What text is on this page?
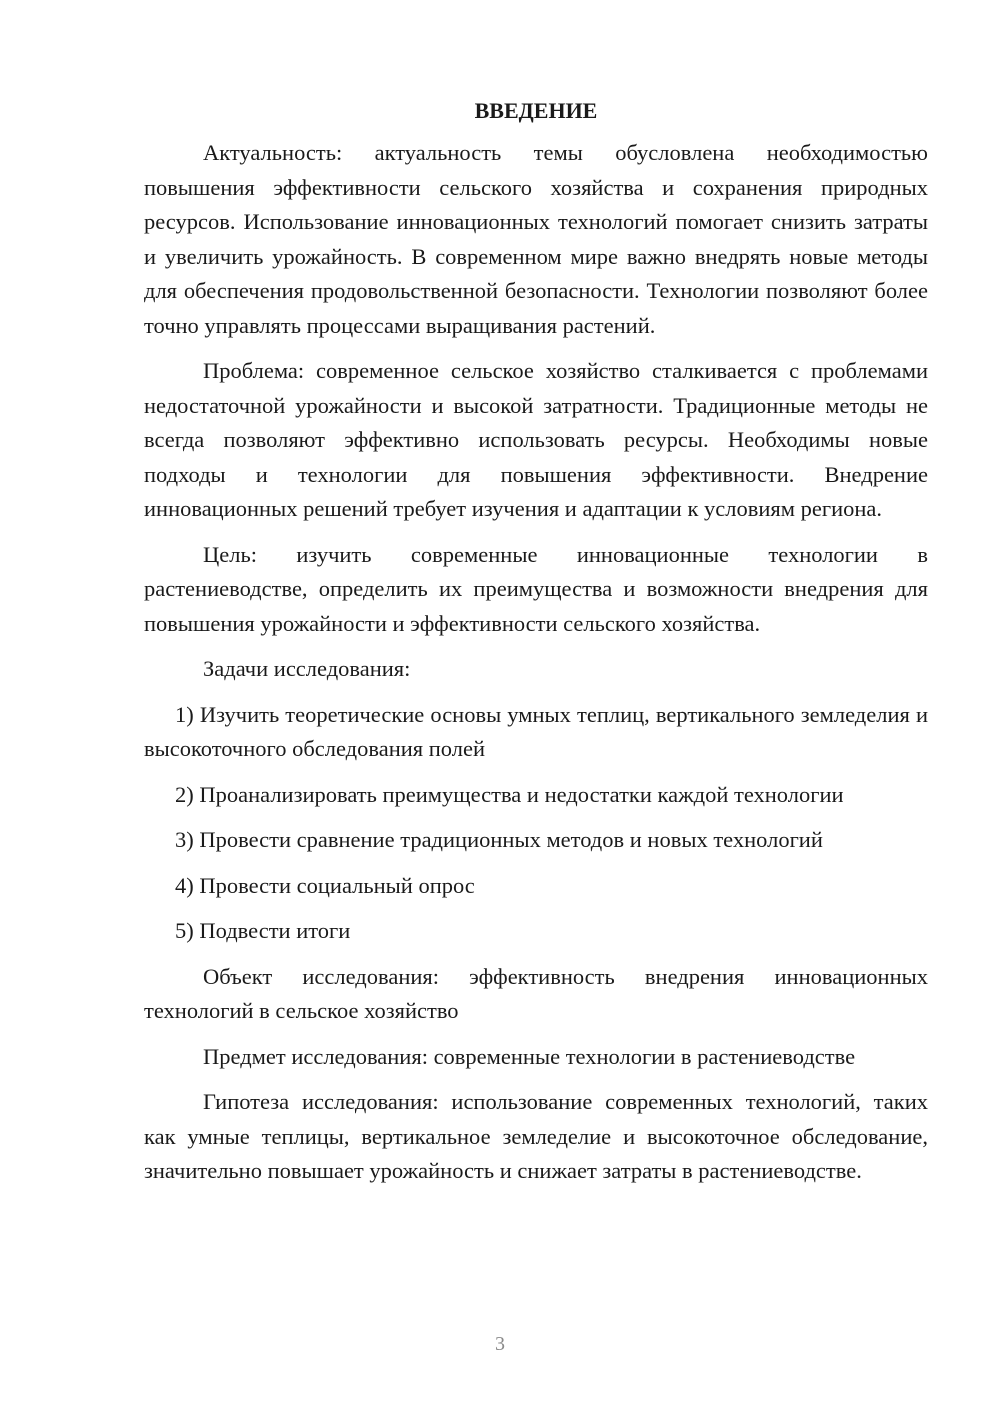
ВВЕДЕНИЕ

Актуальность: актуальность темы обусловлена необходимостью повышения эффективности сельского хозяйства и сохранения природных ресурсов. Использование инновационных технологий помогает снизить затраты и увеличить урожайность. В современном мире важно внедрять новые методы для обеспечения продовольственной безопасности. Технологии позволяют более точно управлять процессами выращивания растений.

Проблема: современное сельское хозяйство сталкивается с проблемами недостаточной урожайности и высокой затратности. Традиционные методы не всегда позволяют эффективно использовать ресурсы. Необходимы новые подходы и технологии для повышения эффективности. Внедрение инновационных решений требует изучения и адаптации к условиям региона.

Цель: изучить современные инновационные технологии в растениеводстве, определить их преимущества и возможности внедрения для повышения урожайности и эффективности сельского хозяйства.

Задачи исследования:

1) Изучить теоретические основы умных теплиц, вертикального земледелия и высокоточного обследования полей

2) Проанализировать преимущества и недостатки каждой технологии

3) Провести сравнение традиционных методов и новых технологий

4) Провести социальный опрос

5) Подвести итоги

Объект исследования: эффективность внедрения инновационных технологий в сельское хозяйство

Предмет исследования: современные технологии в растениеводстве

Гипотеза исследования: использование современных технологий, таких как умные теплицы, вертикальное земледелие и высокоточное обследование, значительно повышает урожайность и снижает затраты в растениеводстве.

3
